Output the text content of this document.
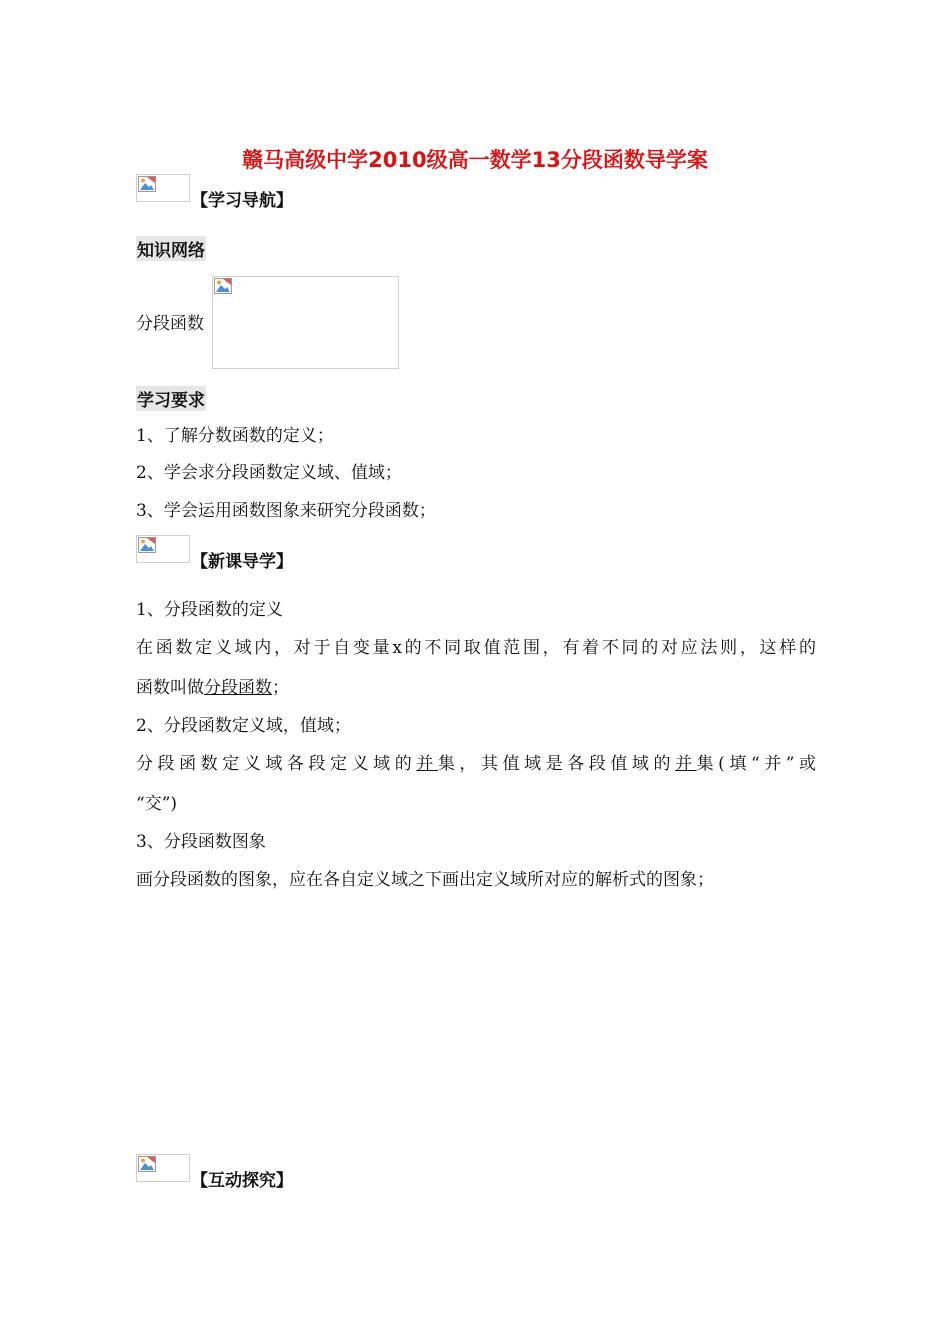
赣马高级中学2010级高一数学13分段函数导学案
【学习导航】
知识网络
分段函数
学习要求
1、了解分数函数的定义；
2、学会求分段函数定义域、值域；
3、学会运用函数图象来研究分段函数；
【新课导学】
1、分段函数的定义
在函数定义域内，对于自变量x的不同取值范围，有着不同的对应法则，这样的
函数叫做分段函数；
2、分段函数定义域，值域；
分段函数定义域各段定义域的并集，其值域是各段值域的并集(填“并”或
“交”)
3、分段函数图象
画分段函数的图象，应在各自定义域之下画出定义域所对应的解析式的图象；
【互动探究】
